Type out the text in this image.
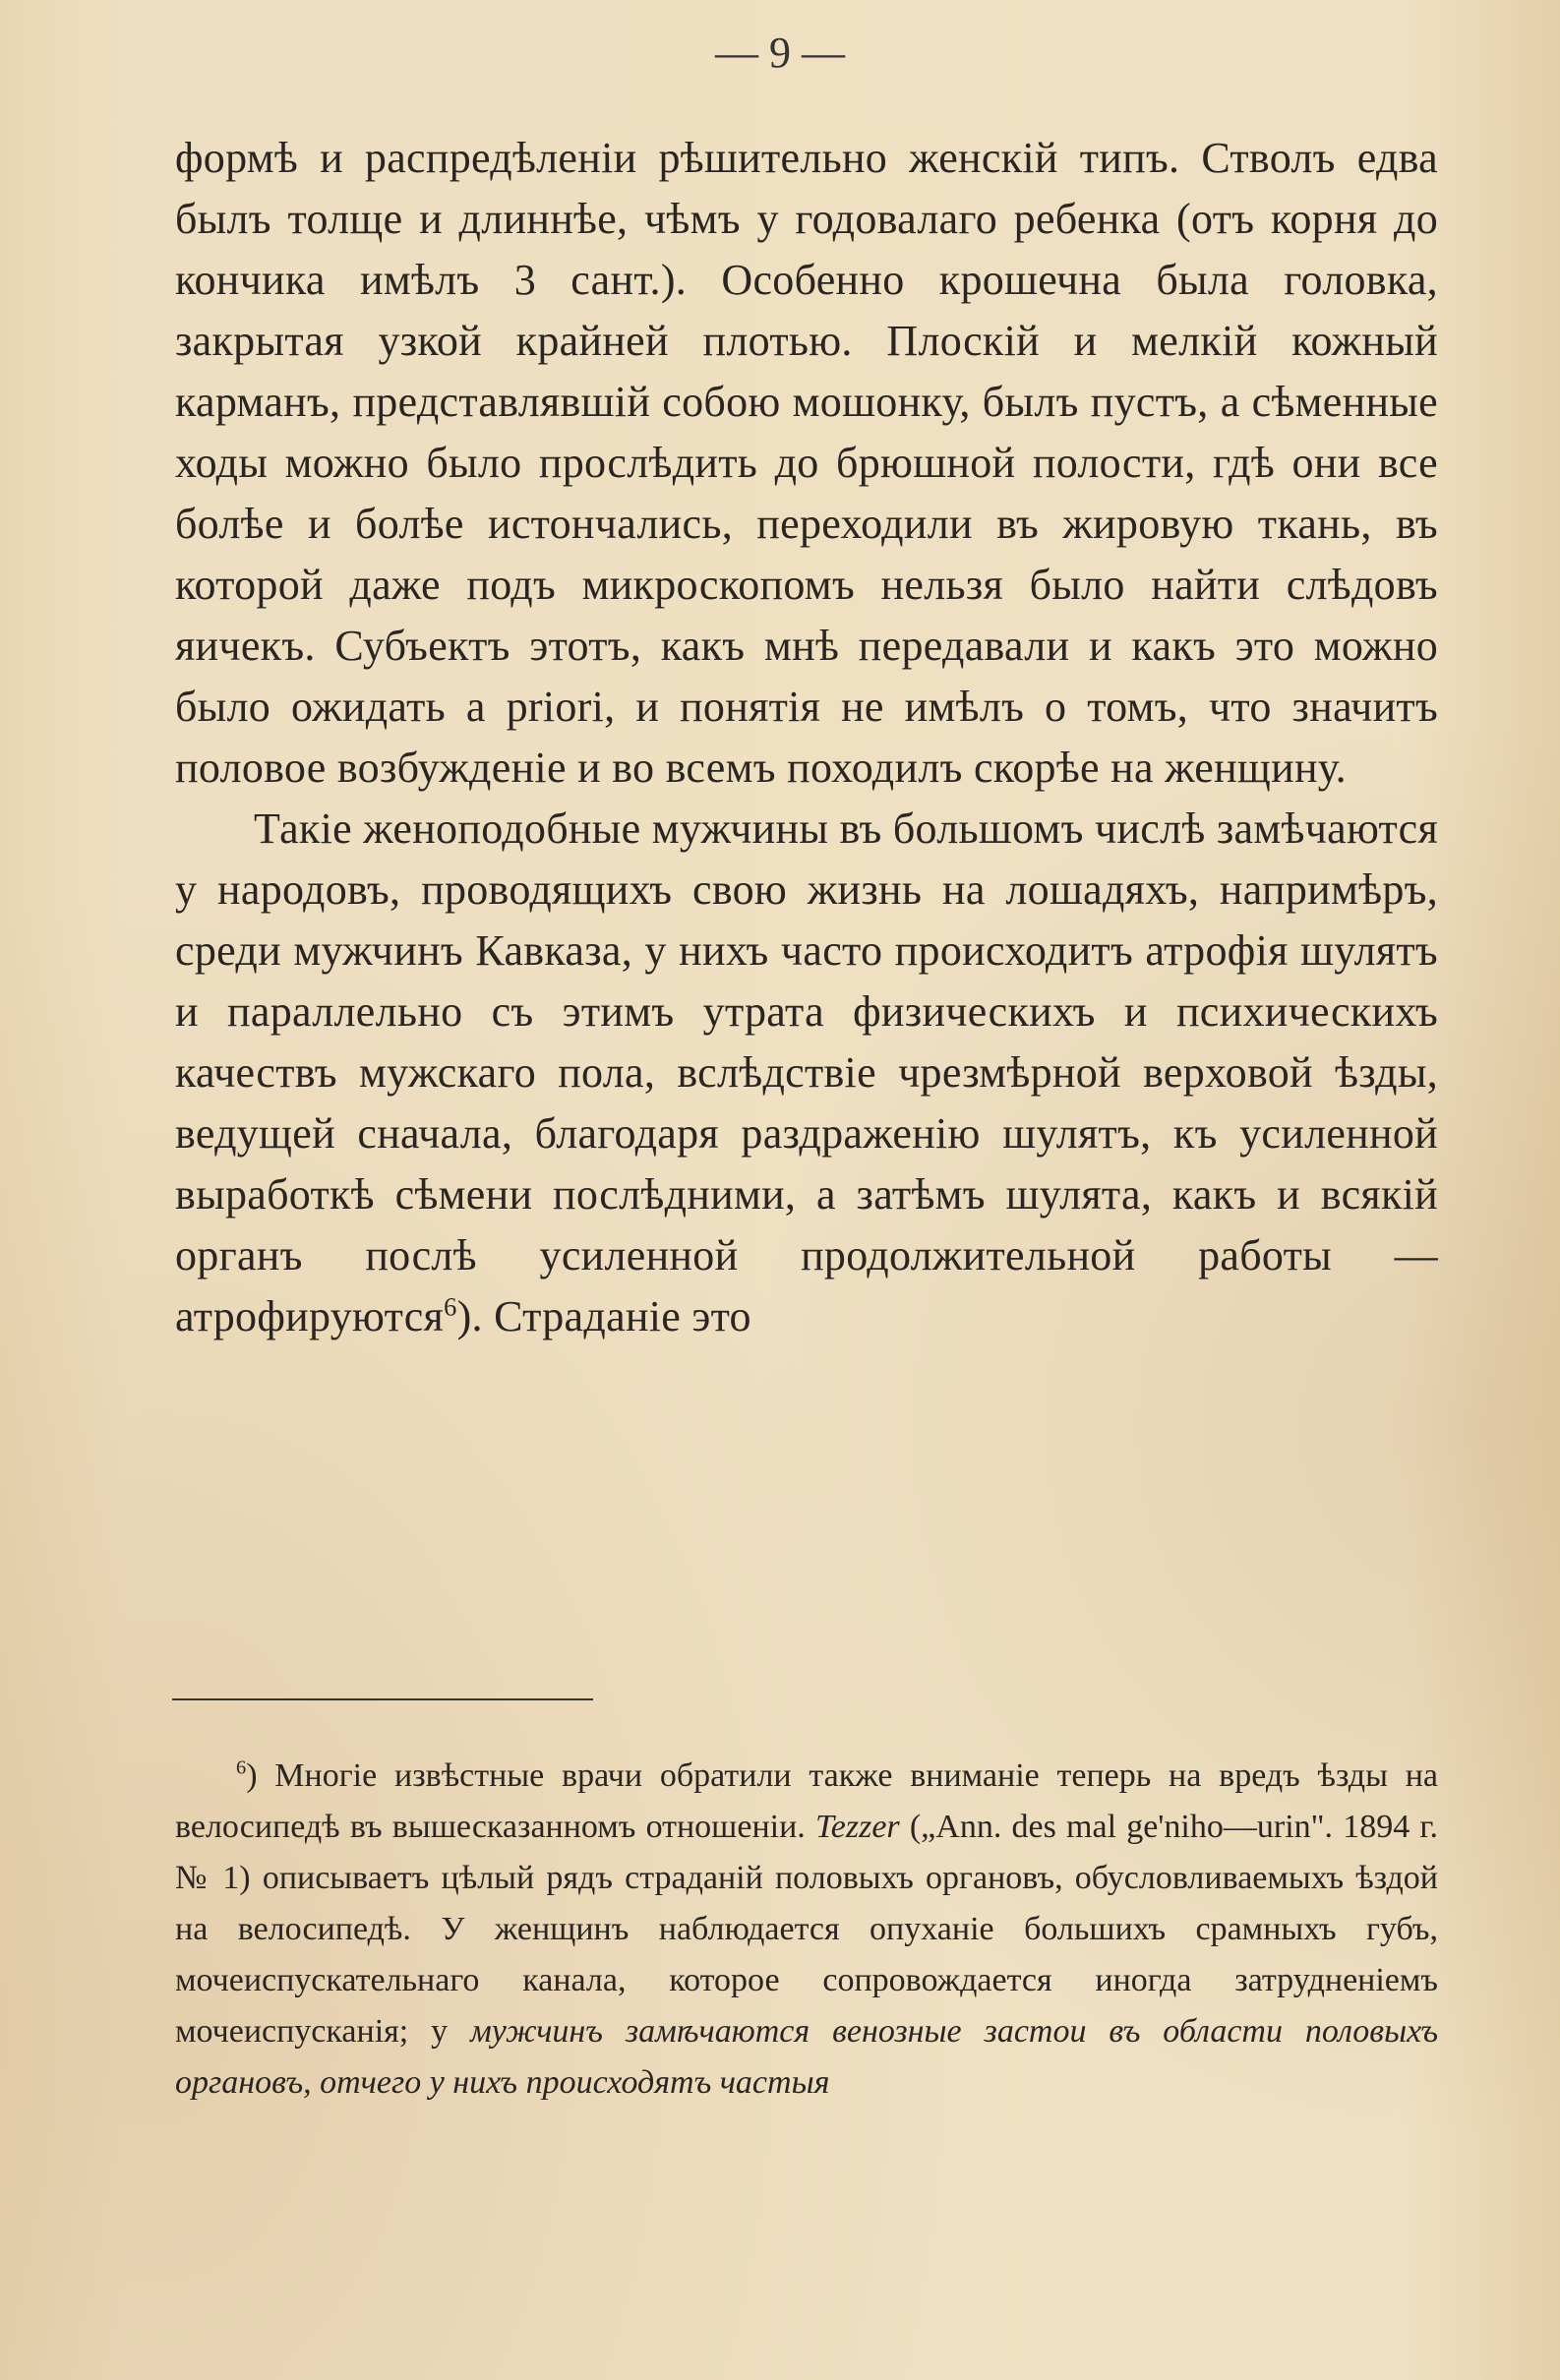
— 9 —

формѣ и распредѣленіи рѣшительно женскій типъ. Стволъ едва былъ толще и длиннѣе, чѣмъ у годовалаго ребенка (отъ корня до кончика имѣлъ 3 сант.). Особенно крошечна была головка, закрытая узкой крайней плотью. Плоскій и мелкій кожный карманъ, представлявшій собою мошонку, былъ пустъ, а сѣменные ходы можно было прослѣдить до брюшной полости, гдѣ они все болѣе и болѣе истончались, переходили въ жировую ткань, въ которой даже подъ микроскопомъ нельзя было найти слѣдовъ яичекъ. Субъектъ этотъ, какъ мнѣ передавали и какъ это можно было ожидать a priori, и понятія не имѣлъ о томъ, что значитъ половое возбужденіе и во всемъ походилъ скорѣе на женщину.

Такіе женоподобные мужчины въ большомъ числѣ замѣчаются у народовъ, проводящихъ свою жизнь на лошадяхъ, напримѣръ, среди мужчинъ Кавказа, у нихъ часто происходитъ атрофія шулятъ и параллельно съ этимъ утрата физическихъ и психическихъ качествъ мужскаго пола, вслѣдствіе чрезмѣрной верховой ѣзды, ведущей сначала, благодаря раздраженію шулятъ, къ усиленной выработкѣ сѣмени послѣдними, а затѣмъ шулята, какъ и всякій органъ послѣ усиленной продолжительной работы — атрофируются$^6$). Страданіе это

$^6$) Многіе извѣстные врачи обратили также вниманіе теперь на вредъ ѣзды на велосипедѣ въ вышесказанномъ отношеніи. Tezzer („Ann. des mal ge'niho—urin". 1894 г. № 1) описываетъ цѣлый рядъ страданій половыхъ органовъ, обусловливаемыхъ ѣздой на велосипедѣ. У женщинъ наблюдается опуханіе большихъ срамныхъ губъ, мочеиспускательнаго канала, которое сопровождается иногда затрудненіемъ мочеиспусканія; у мужчинъ замѣчаются венозные застои въ области половыхъ органовъ, отчего у нихъ происходятъ частыя
